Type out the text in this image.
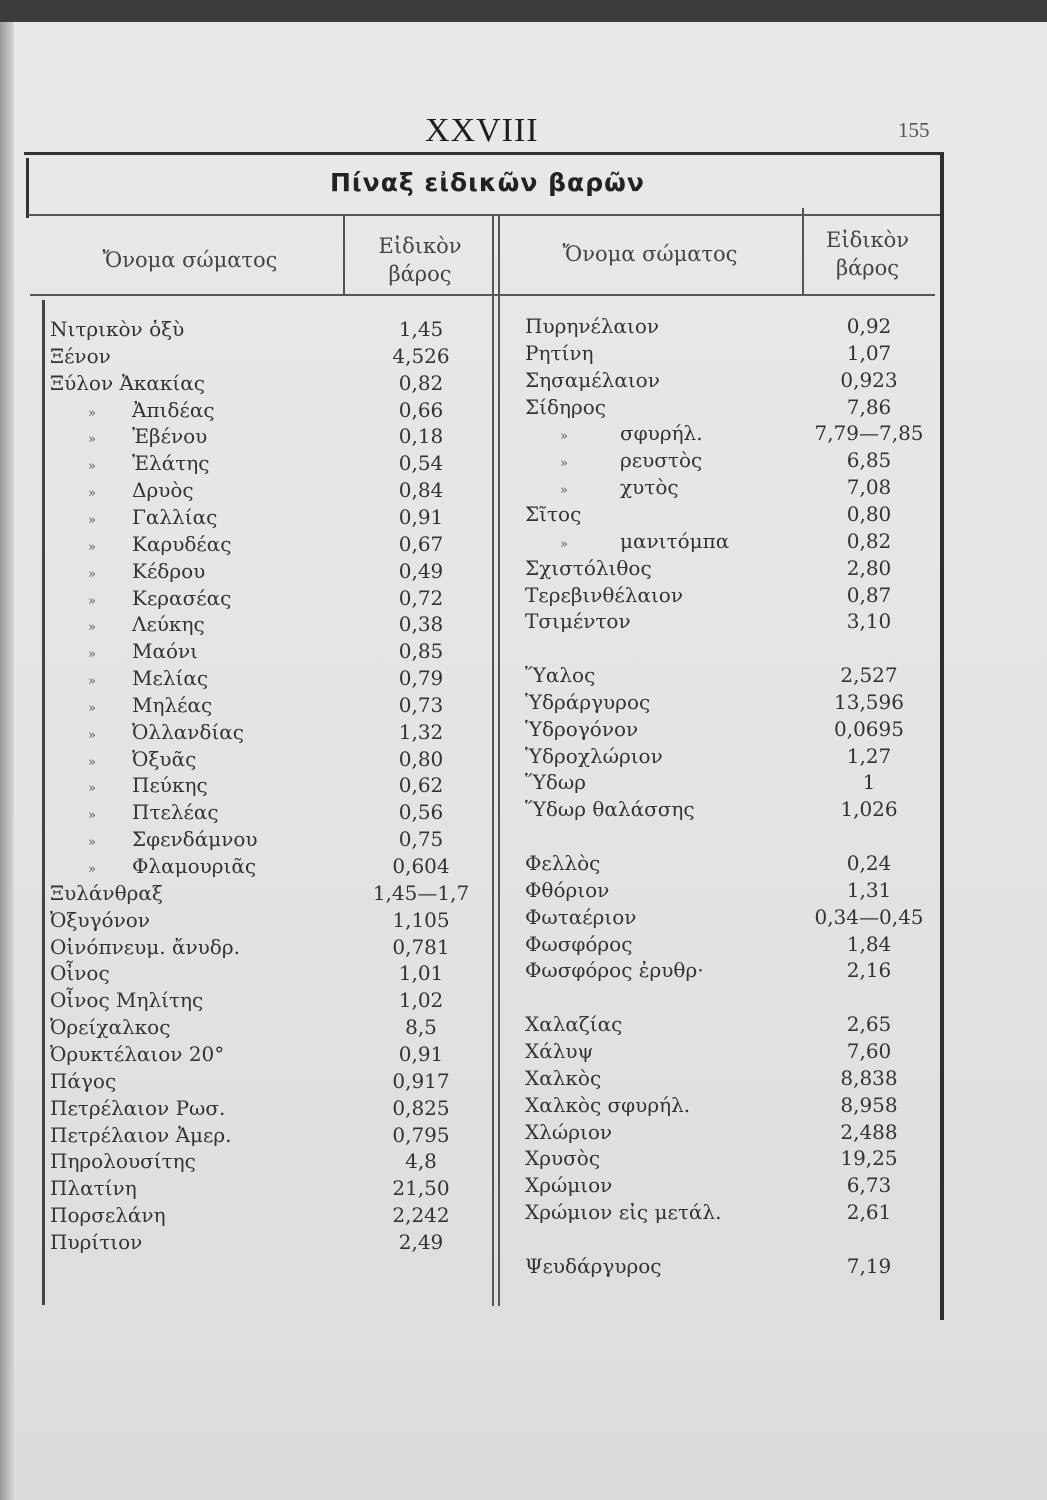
XXVIII	155
Πίναξ εἰδικῶν βαρῶν
Ὄνομα σώματος
Εἰδικὸν
βάρος
Ὄνομα σώματος
Εἰδικὸν
βάρος
Νιτρικὸν ὀξὺ	1,45
Ξένον	4,526
Ξύλον Ἀκακίας	0,82
» Ἀπιδέας	0,66
» Ἐβένου	0,18
» Ἐλάτης	0,54
» Δρυὸς	0,84
» Γαλλίας	0,91
» Καρυδέας	0,67
» Κέδρου	0,49
» Κερασέας	0,72
» Λεύκης	0,38
» Μαόνι	0,85
» Μελίας	0,79
» Μηλέας	0,73
» Ὀλλανδίας	1,32
» Ὀξυᾶς	0,80
» Πεύκης	0,62
» Πτελέας	0,56
» Σφενδάμνου	0,75
» Φλαμουριᾶς	0,604
Ξυλάνθραξ	1,45—1,7
Ὀξυγόνον	1,105
Οἰνόπνευμ. ἄνυδρ.	0,781
Οἶνος	1,01
Οἶνος Μηλίτης	1,02
Ὀρείχαλκος	8,5
Ὀρυκτέλαιον 20°	0,91
Πάγος	0,917
Πετρέλαιον Ρωσ.	0,825
Πετρέλαιον Ἀμερ.	0,795
Πηρολουσίτης	4,8
Πλατίνη	21,50
Πορσελάνη	2,242
Πυρίτιον	2,49
Πυρηνέλαιον	0,92
Ρητίνη	1,07
Σησαμέλαιον	0,923
Σίδηρος	7,86
»	σφυρήλ.	7,79—7,85
»	ρευστὸς	6,85
»	χυτὸς	7,08
Σῖτος	0,80
»	μανιτόμπα	0,82
Σχιστόλιθος	2,80
Τερεβινθέλαιον	0,87
Τσιμέντον	3,10
Ὕαλος	2,527
Ὑδράργυρος	13,596
Ὑδρογόνον	0,0695
Ὑδροχλώριον	1,27
Ὕδωρ	1
Ὕδωρ θαλάσσης	1,026
Φελλὸς	0,24
Φθόριον	1,31
Φωταέριον	0,34—0,45
Φωσφόρος	1,84
Φωσφόρος ἐρυθρ·	2,16
Χαλαζίας	2,65
Χάλυψ	7,60
Χαλκὸς	8,838
Χαλκὸς σφυρήλ.	8,958
Χλώριον	2,488
Χρυσὸς	19,25
Χρώμιον	6,73
Χρώμιον εἰς μετάλ.	2,61
Ψευδάργυρος	7,19
